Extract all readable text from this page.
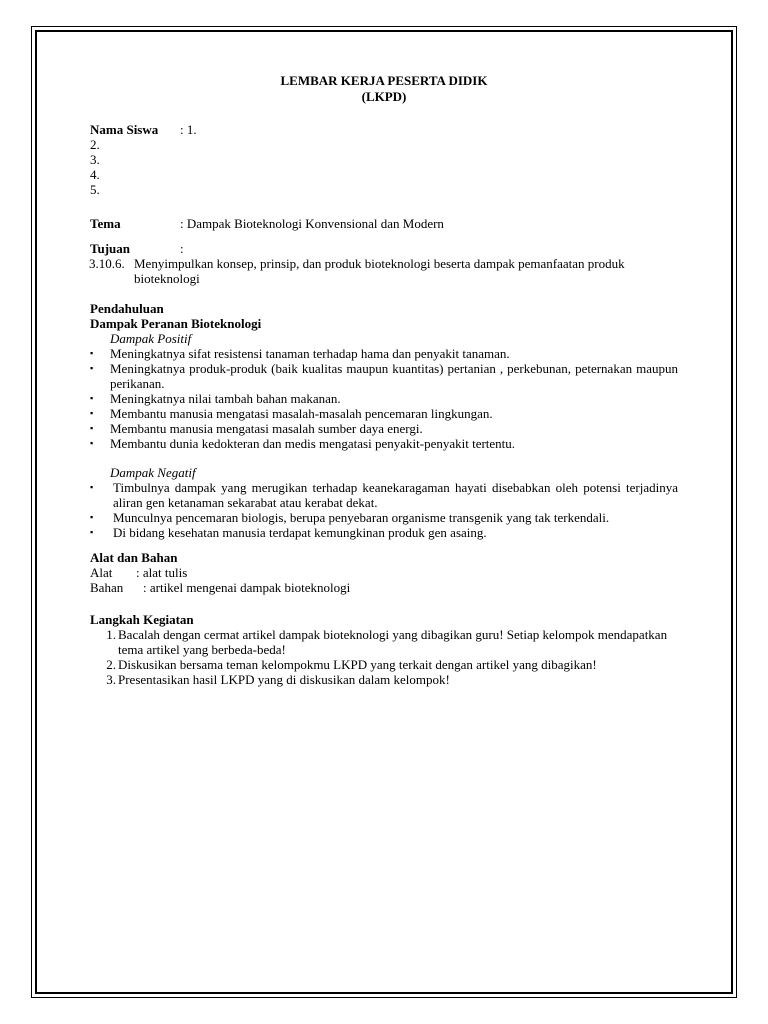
LEMBAR KERJA PESERTA DIDIK
(LKPD)
Nama Siswa	: 1.
2.
3.
4.
5.
Tema	: Dampak Bioteknologi Konvensional dan Modern
Tujuan	:
3.10.6. Menyimpulkan konsep, prinsip, dan produk bioteknologi beserta dampak pemanfaatan produk bioteknologi
Pendahuluan
Dampak Peranan Bioteknologi
Dampak Positif
▪	Meningkatnya sifat resistensi tanaman terhadap hama dan penyakit tanaman.
▪	Meningkatnya produk-produk (baik kualitas maupun kuantitas) pertanian , perkebunan, peternakan maupun perikanan.
▪	Meningkatnya nilai tambah bahan makanan.
▪	Membantu manusia mengatasi masalah-masalah pencemaran lingkungan.
▪	Membantu manusia mengatasi masalah sumber daya energi.
▪	Membantu dunia kedokteran dan medis mengatasi penyakit-penyakit tertentu.
Dampak Negatif
▪	Timbulnya dampak yang merugikan terhadap keanekaragaman hayati disebabkan oleh potensi terjadinya aliran gen ketanaman sekarabat atau kerabat dekat.
▪	Munculnya pencemaran biologis, berupa penyebaran organisme transgenik yang tak terkendali.
▪	Di bidang kesehatan manusia terdapat kemungkinan produk gen asaing.
Alat dan Bahan
Alat	: alat tulis
Bahan	: artikel mengenai dampak bioteknologi
Langkah Kegiatan
1. Bacalah dengan cermat artikel dampak bioteknologi yang dibagikan guru! Setiap kelompok mendapatkan tema artikel yang berbeda-beda!
2. Diskusikan bersama teman kelompokmu LKPD yang terkait dengan artikel yang dibagikan!
3. Presentasikan hasil LKPD yang di diskusikan dalam kelompok!
